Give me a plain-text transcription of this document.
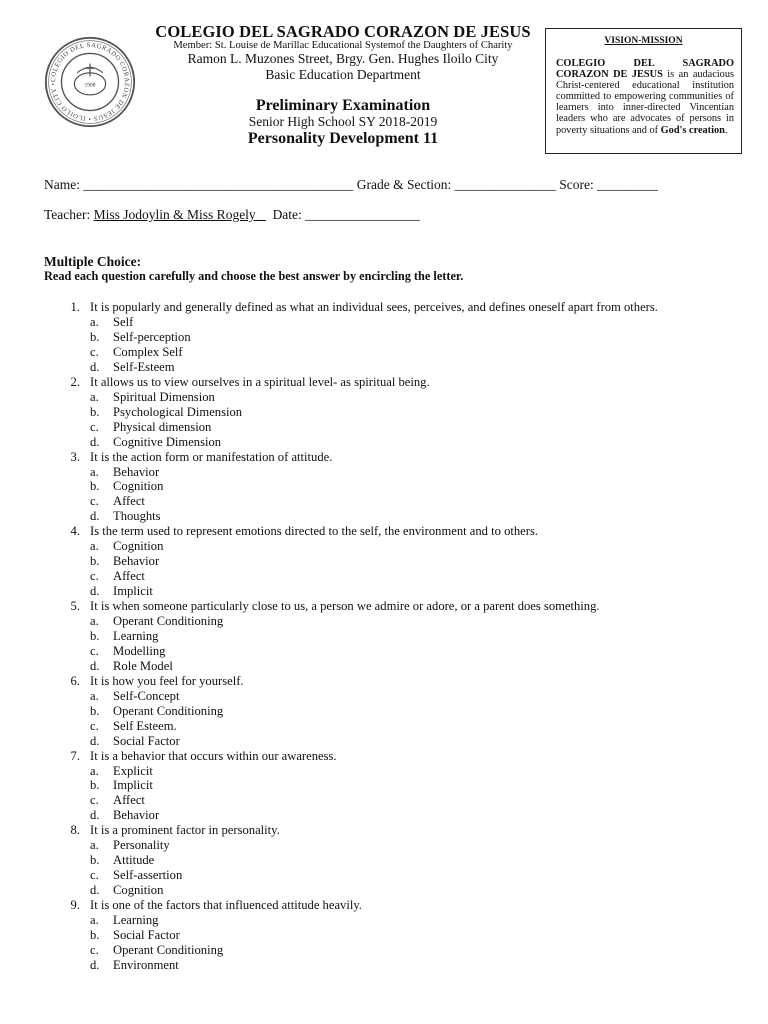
COLEGIO DEL SAGRADO CORAZON DE JESUS • ILOILO CITY •	1908
COLEGIO DEL SAGRADO CORAZON DE JESUS
Member: St. Louise de Marillac Educational Systemof the Daughters of Charity
Ramon L. Muzones Street, Brgy. Gen. Hughes Iloilo City
Basic Education Department
Preliminary Examination
Senior High School SY 2018-2019
Personality Development 11
VISION-MISSION
COLEGIO DEL SAGRADO CORAZON DE JESUS is an audacious Christ-centered educational institution committed to empowering communities of learners into inner-directed Vincentian leaders who are advocates of persons in poverty situations and of God's creation.
Name: ________________________________________ Grade & Section: _______________ Score: _________
Teacher: Miss Jodoylin & Miss Rogely _  Date: _________________
Multiple Choice:
Read each question carefully and choose the best answer by encircling the letter.
1. It is popularly and generally defined as what an individual sees, perceives, and defines oneself apart from others.
a. Self
b. Self-perception
c. Complex Self
d. Self-Esteem
2. It allows us to view ourselves in a spiritual level- as spiritual being.
a. Spiritual Dimension
b. Psychological Dimension
c. Physical dimension
d. Cognitive Dimension
3. It is the action form or manifestation of attitude.
a. Behavior
b. Cognition
c. Affect
d. Thoughts
4. Is the term used to represent emotions directed to the self, the environment and to others.
a. Cognition
b. Behavior
c. Affect
d. Implicit
5. It is when someone particularly close to us, a person we admire or adore, or a parent does something.
a. Operant Conditioning
b. Learning
c. Modelling
d. Role Model
6. It is how you feel for yourself.
a. Self-Concept
b. Operant Conditioning
c. Self Esteem.
d. Social Factor
7. It is a behavior that occurs within our awareness.
a. Explicit
b. Implicit
c. Affect
d. Behavior
8. It is a prominent factor in personality.
a. Personality
b. Attitude
c. Self-assertion
d. Cognition
9. It is one of the factors that influenced attitude heavily.
a. Learning
b. Social Factor
c. Operant Conditioning
d. Environment
